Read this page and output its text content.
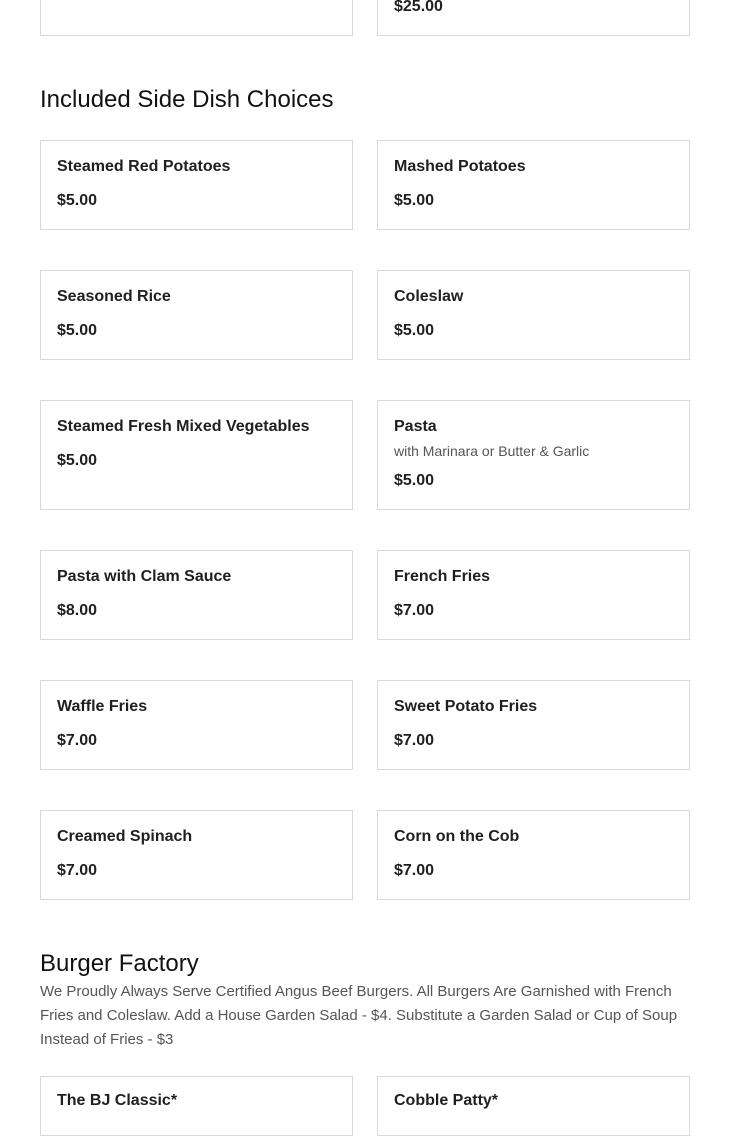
$25.00
Included Side Dish Choices
Steamed Red Potatoes
$5.00
Mashed Potatoes
$5.00
Seasoned Rice
$5.00
Coleslaw
$5.00
Steamed Fresh Mixed Vegetables
$5.00
Pasta
with Marinara or Butter & Garlic
$5.00
Pasta with Clam Sauce
$8.00
French Fries
$7.00
Waffle Fries
$7.00
Sweet Potato Fries
$7.00
Creamed Spinach
$7.00
Corn on the Cob
$7.00
Burger Factory
We Proudly Always Serve Certified Angus Beef Burgers. All Burgers Are Garnished with French Fries and Coleslaw. Add a House Garden Salad - $4. Substitute a Garden Salad or Cup of Soup Instead of Fries - $3
The BJ Classic*	Cobble Patty*
